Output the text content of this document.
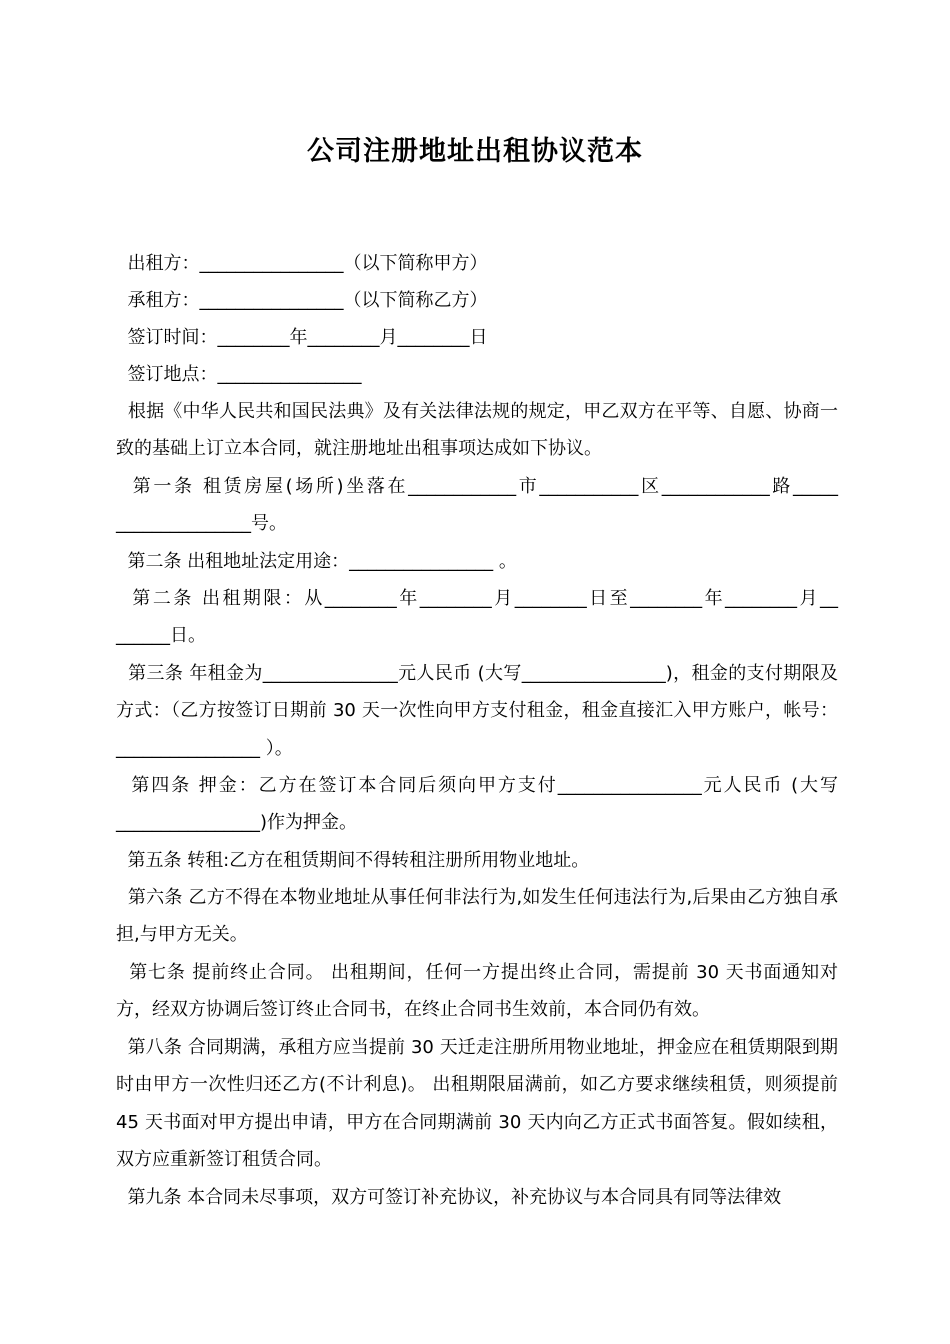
公司注册地址出租协议范本

出租方：________________（以下简称甲方）

承租方：________________（以下简称乙方）

签订时间：________年________月________日

签订地点：________________

根据《中华人民共和国民法典》及有关法律法规的规定，甲乙双方在平等、自愿、协商一致的基础上订立本合同，就注册地址出租事项达成如下协议。

第一条 租赁房屋(场所)坐落在____________市___________区____________路_____ _______________号。

第二条 出租地址法定用途：________________ 。

第二条 出租期限：从________年________月________日至________年________月__ ______日。

第三条 年租金为_______________元人民币 (大写________________)，租金的支付期限及方式：（乙方按签订日期前 30 天一次性向甲方支付租金，租金直接汇入甲方账户，帐号：________________ ）。

第四条 押金：乙方在签订本合同后须向甲方支付________________元人民币 (大写________________)作为押金。

第五条 转租:乙方在租赁期间不得转租注册所用物业地址。

第六条 乙方不得在本物业地址从事任何非法行为,如发生任何违法行为,后果由乙方独自承担,与甲方无关。

第七条 提前终止合同。 出租期间，任何一方提出终止合同，需提前 30 天书面通知对方，经双方协调后签订终止合同书，在终止合同书生效前，本合同仍有效。

第八条 合同期满，承租方应当提前 30 天迁走注册所用物业地址，押金应在租赁期限到期时由甲方一次性归还乙方(不计利息)。 出租期限届满前，如乙方要求继续租赁，则须提前 45 天书面对甲方提出申请，甲方在合同期满前 30 天内向乙方正式书面答复。假如续租，双方应重新签订租赁合同。

第九条 本合同未尽事项，双方可签订补充协议，补充协议与本合同具有同等法律效
